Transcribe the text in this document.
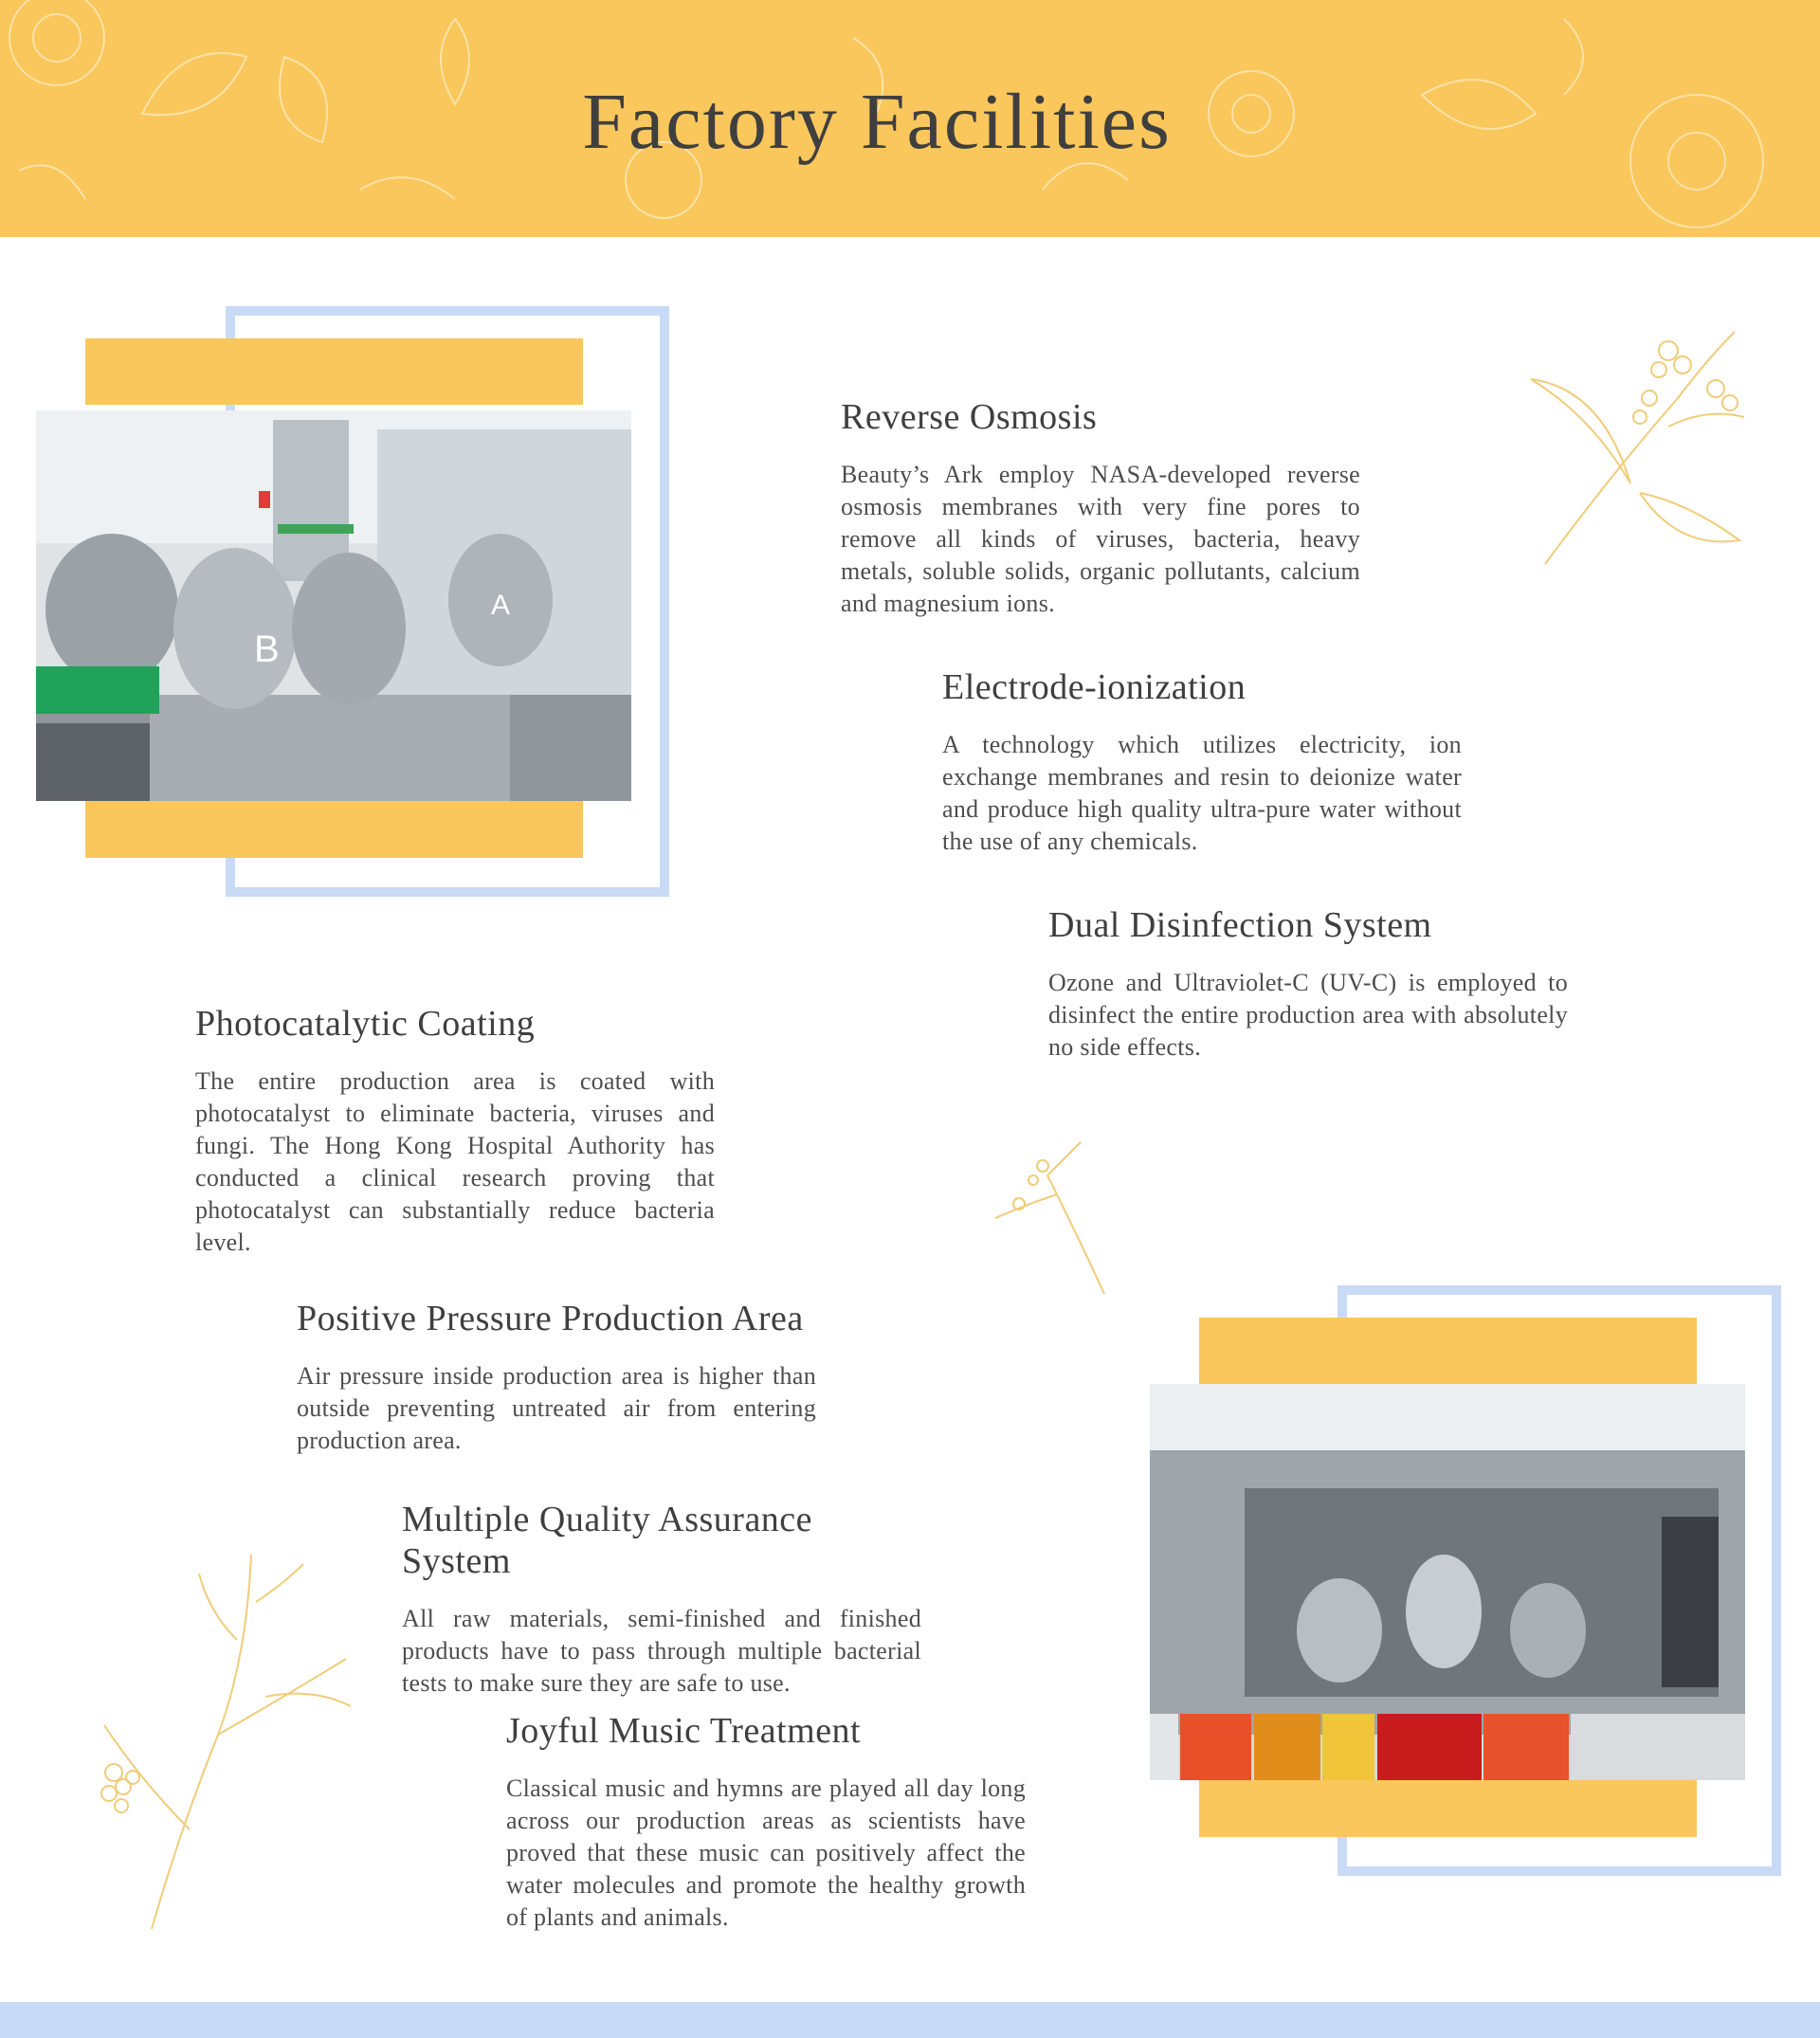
Factory Facilities
B
A
Reverse Osmosis

Beauty’s Ark employ NASA-developed reverse osmosis membranes with very fine pores to remove all kinds of viruses, bacteria, heavy metals, soluble solids, organic pollutants, calcium and magnesium ions.

Electrode-ionization

A technology which utilizes electricity, ion exchange membranes and resin to deionize water and produce high quality ultra-pure water without the use of any chemicals.

Dual Disinfection System

Ozone and Ultraviolet-C (UV-C) is employed to disinfect the entire production area with absolutely no side effects.

Photocatalytic Coating

The entire production area is coated with photocatalyst to eliminate bacteria, viruses and fungi. The Hong Kong Hospital Authority has conducted a clinical research proving that photocatalyst can substantially reduce bacteria level.

Positive Pressure Production Area

Air pressure inside production area is higher than outside preventing untreated air from entering production area.

Multiple Quality Assurance System

All raw materials, semi-finished and finished products have to pass through multiple bacterial tests to make sure they are safe to use.

Joyful Music Treatment

Classical music and hymns are played all day long across our production areas as scientists have proved that these music can positively affect the water molecules and promote the healthy growth of plants and animals.
